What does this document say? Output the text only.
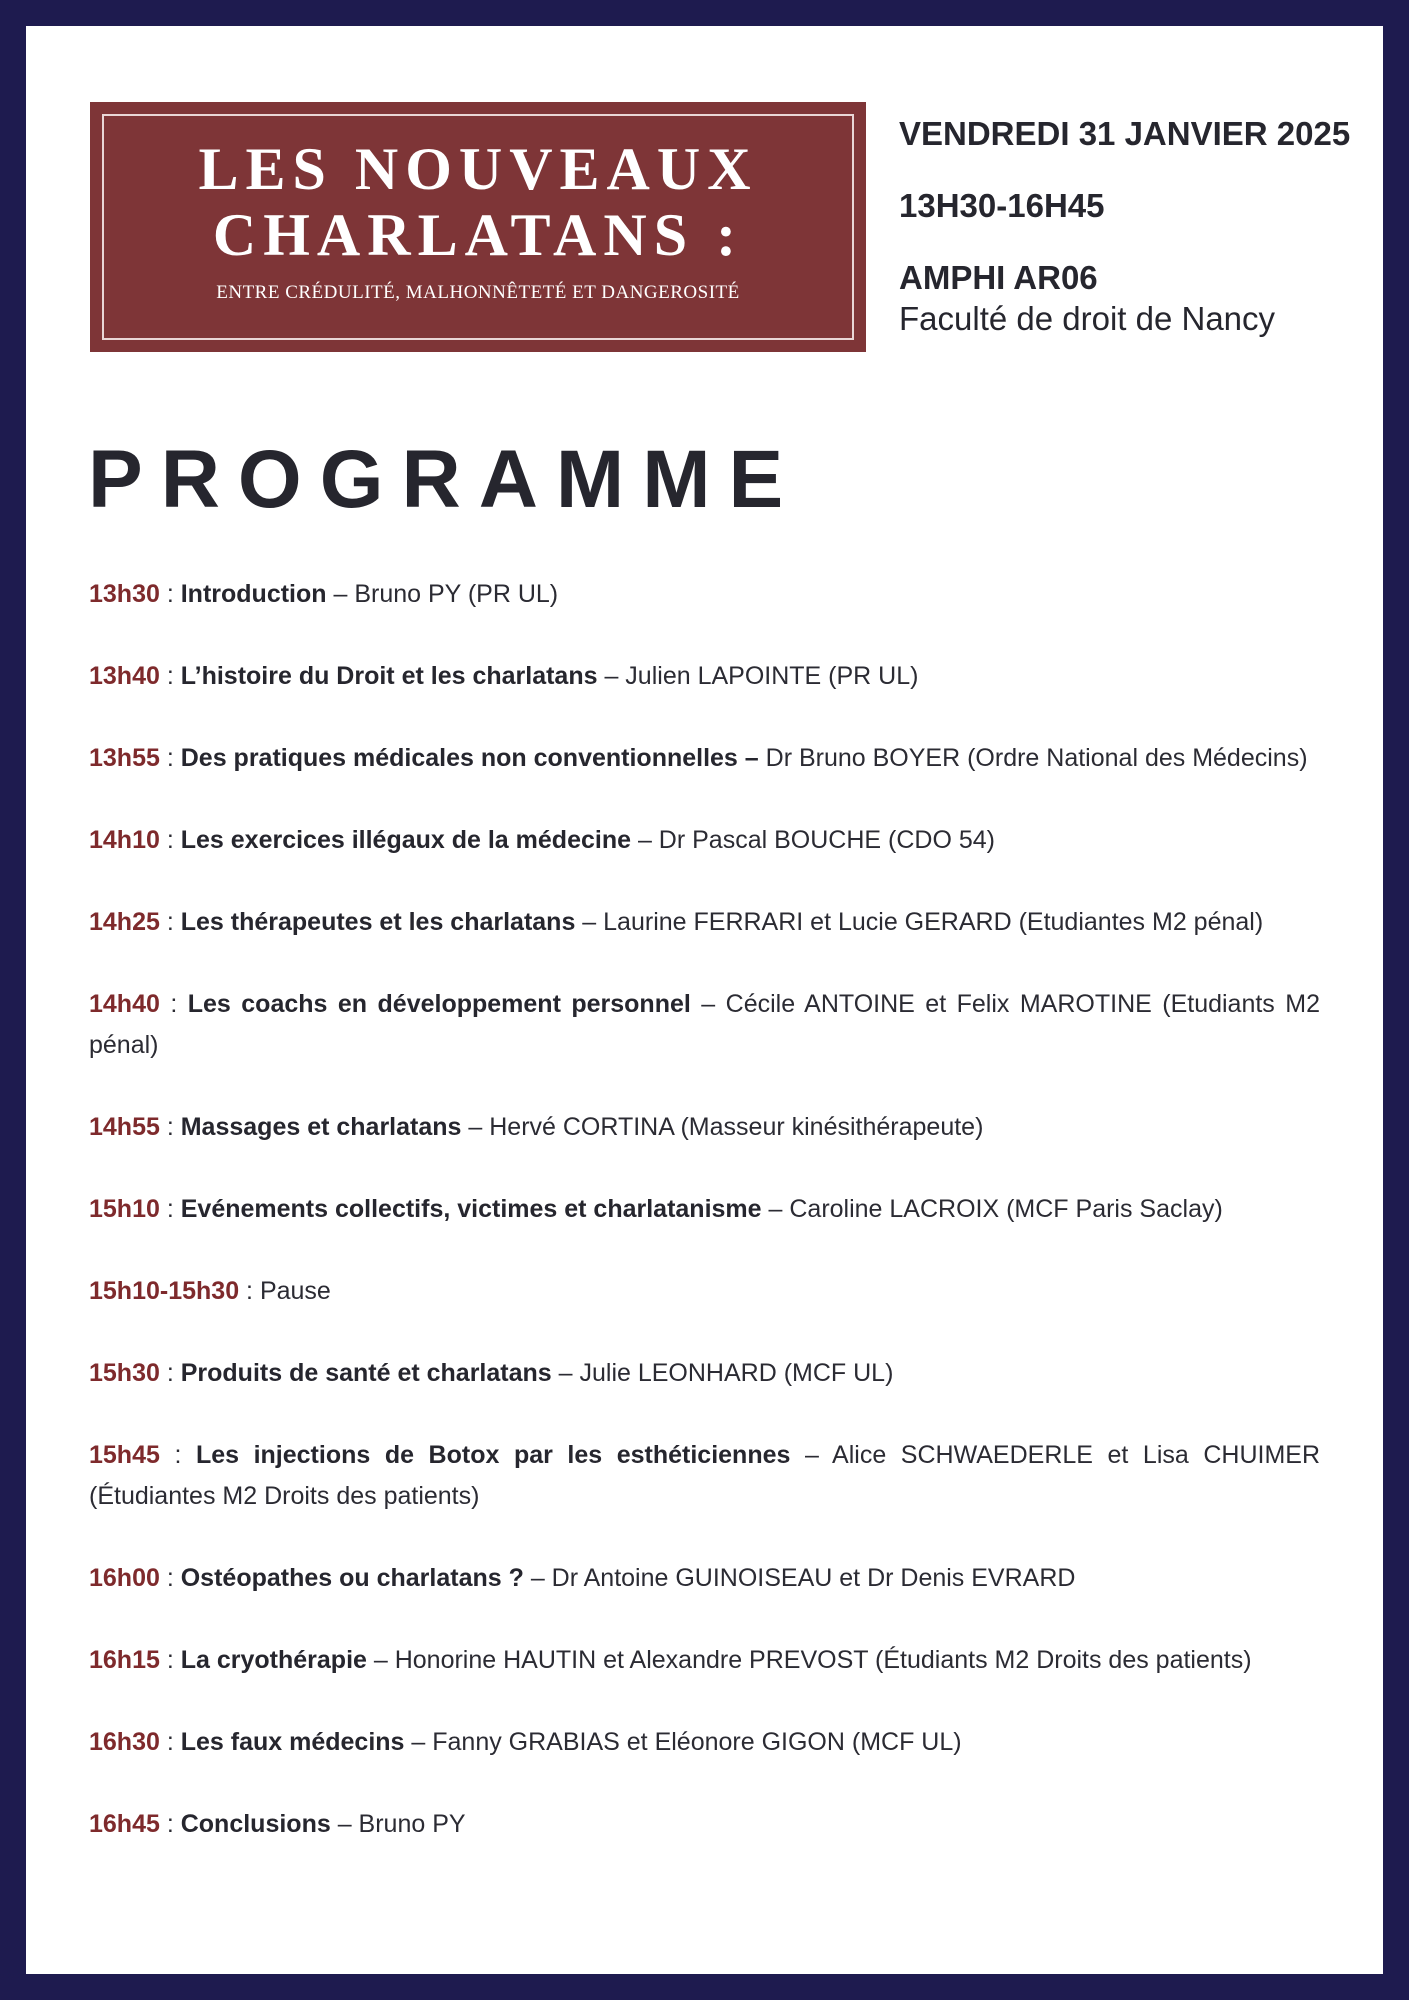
LES NOUVEAUX
CHARLATANS :
ENTRE CRÉDULITÉ, MALHONNÊTETÉ ET DANGEROSITÉ
VENDREDI 31 JANVIER 2025
13H30-16H45
AMPHI AR06
Faculté de droit de Nancy
PROGRAMME
13h30 : Introduction – Bruno PY (PR UL)
13h40 : L’histoire du Droit et les charlatans – Julien LAPOINTE (PR UL)
13h55 : Des pratiques médicales non conventionnelles – Dr Bruno BOYER (Ordre National des Médecins)
14h10 : Les exercices illégaux de la médecine – Dr Pascal BOUCHE (CDO 54)
14h25 : Les thérapeutes et les charlatans – Laurine FERRARI et Lucie GERARD (Etudiantes M2 pénal)
14h40 : Les coachs en développement personnel – Cécile ANTOINE et Felix MAROTINE (Etudiants M2 pénal)
14h55 : Massages et charlatans – Hervé CORTINA (Masseur kinésithérapeute)
15h10 : Evénements collectifs, victimes et charlatanisme – Caroline LACROIX (MCF Paris Saclay)
15h10-15h30 : Pause
15h30 : Produits de santé et charlatans – Julie LEONHARD (MCF UL)
15h45 : Les injections de Botox par les esthéticiennes – Alice SCHWAEDERLE et Lisa CHUIMER (Étudiantes M2 Droits des patients)
16h00 : Ostéopathes ou charlatans ? – Dr Antoine GUINOISEAU et Dr Denis EVRARD
16h15 : La cryothérapie – Honorine HAUTIN et Alexandre PREVOST (Étudiants M2 Droits des patients)
16h30 : Les faux médecins – Fanny GRABIAS et Eléonore GIGON (MCF UL)
16h45 : Conclusions – Bruno PY
